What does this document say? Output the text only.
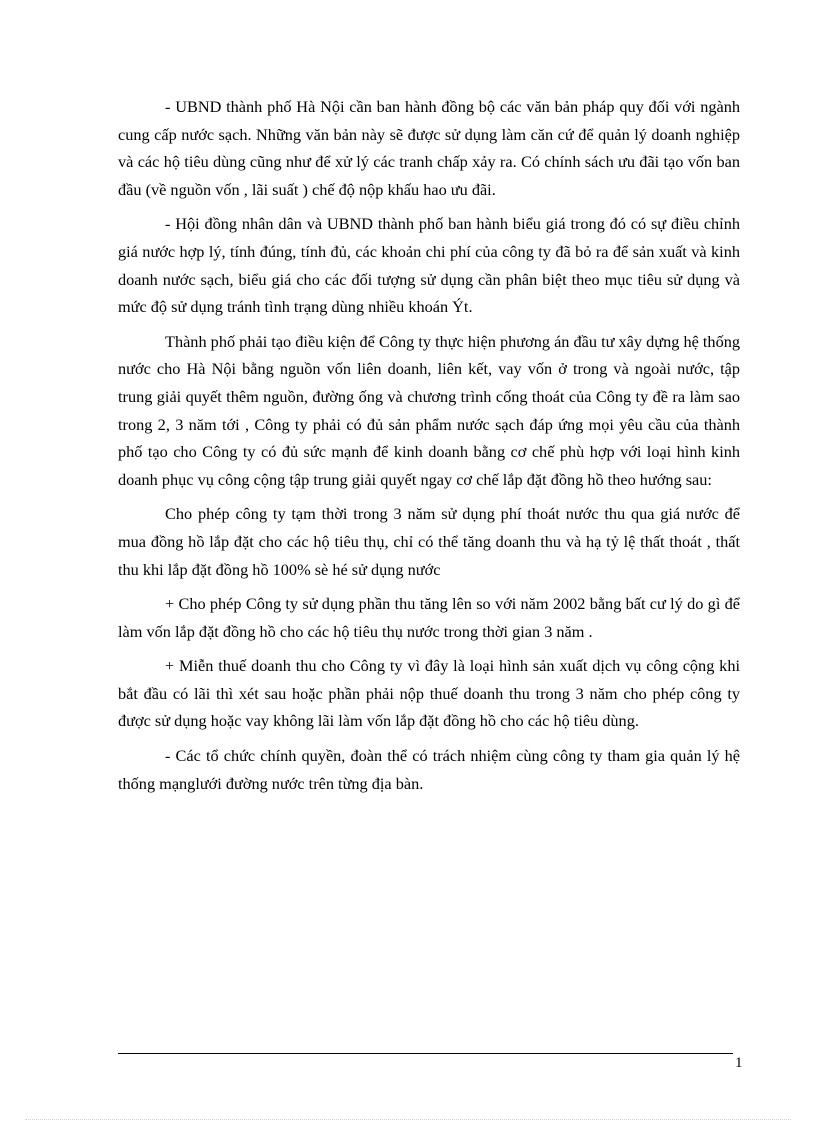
- UBND thành phố Hà Nội cần ban hành đồng bộ các văn bản pháp quy đối với ngành cung cấp nước sạch. Những văn bản này sẽ được sử dụng làm căn cứ để quản lý doanh nghiệp và các hộ tiêu dùng cũng như để xử lý các tranh chấp xảy ra. Có chính sách ưu đãi tạo vốn ban đầu (về nguồn vốn , lãi suất ) chế độ nộp khấu hao ưu đãi.

- Hội đồng nhân dân và UBND thành phố ban hành biểu giá trong đó có sự điều chỉnh giá nước hợp lý, tính đúng, tính đủ, các khoản chi phí của công ty đã bỏ ra để sản xuất và kinh doanh nước sạch, biểu giá cho các đối tượng sử dụng cần phân biệt theo mục tiêu sử dụng và mức độ sử dụng tránh tình trạng dùng nhiều khoán Ýt.

Thành phố phải tạo điều kiện để Công ty thực hiện phương án đầu tư xây dựng hệ thống nước cho Hà Nội bằng nguồn vốn liên doanh, liên kết, vay vốn ở trong và ngoài nước, tập trung giải quyết thêm nguồn, đường ống và chương trình cống thoát của Công ty đề ra làm sao trong 2, 3 năm tới , Công ty phải có đủ sản phẩm nước sạch đáp ứng mọi yêu cầu của thành phố tạo cho Công ty có đủ sức mạnh để kinh doanh bằng cơ chế phù hợp với loại hình kinh doanh phục vụ công cộng tập trung giải quyết ngay cơ chế lắp đặt đồng hồ theo hướng sau:

Cho phép công ty tạm thời trong 3 năm sử dụng phí thoát nước thu qua giá nước để mua đồng hồ lắp đặt cho các hộ tiêu thụ, chỉ có thể tăng doanh thu và hạ tỷ lệ thất thoát , thất thu khi lắp đặt đồng hồ 100% sè hé sử dụng nước

+ Cho phép Công ty sử dụng phần thu tăng lên so với năm 2002 bằng bất cư lý do gì để làm vốn lắp đặt đồng hồ cho các hộ tiêu thụ nước trong thời gian 3 năm .

+ Miễn thuế doanh thu cho Công ty vì đây là loại hình sản xuất dịch vụ công cộng khi bắt đầu có lãi thì xét sau hoặc phần phải nộp thuế doanh thu trong 3 năm cho phép công ty được sử dụng hoặc vay không lãi làm vốn lắp đặt đồng hồ cho các hộ tiêu dùng.

- Các tổ chức chính quyền, đoàn thể có trách nhiệm cùng công ty tham gia quản lý hệ thống mạnglưới đường nước trên từng địa bàn.

1
